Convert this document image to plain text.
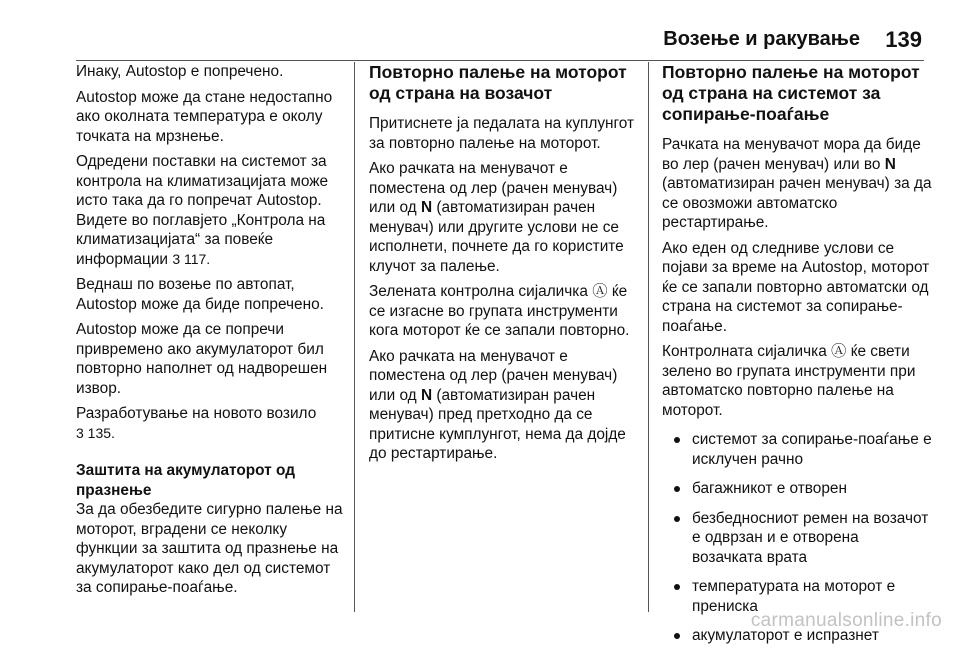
Возење и ракување 139

Инаку, Autostop е попречено.

Autostop може да стане недостапно ако околната температура е околу точката на мрзнење.

Одредени поставки на системот за контрола на климатизацијата може исто така да го попречат Autostop. Видете во поглавјето „Контрола на климатизацијата“ за повеќе информации 3 117.

Веднаш по возење по автопат, Autostop може да биде попречено.

Autostop може да се попречи привремено ако акумулаторот бил повторно наполнет од надворешен извор.

Разработување на новото возило
3 135.

Заштита на акумулаторот од празнење

За да обезбедите сигурно палење на моторот, вградени се неколку функции за заштита од празнење на акумулаторот како дел од системот за сопирање-поаѓање.

Повторно палење на моторот од страна на возачот

Притиснете ја педалата на куплунгот за повторно палење на моторот.

Ако рачката на менувачот е поместена од лер (рачен менувач) или од N (автоматизиран рачен менувач) или другите услови не се исполнети, почнете да го користите клучот за палење.

Зелената контролна сијаличка Ⓐ ќе се изгасне во групата инструменти кога моторот ќе се запали повторно.

Ако рачката на менувачот е поместена од лер (рачен менувач) или од N (автоматизиран рачен менувач) пред претходно да се притисне кумплунгот, нема да дојде до рестартирање.

Повторно палење на моторот од страна на системот за сопирање-поаѓање

Рачката на менувачот мора да биде во лер (рачен менувач) или во N (автоматизиран рачен менувач) за да се овозможи автоматско рестартирање.

Ако еден од следниве услови се појави за време на Autostop, моторот ќе се запали повторно автоматски од страна на системот за сопирање-поаѓање.

Контролната сијаличка Ⓐ ќе свети зелено во групата инструменти при автоматско повторно палење на моторот.

системот за сопирање-поаѓање е исклучен рачно
багажникот е отворен
безбедносниот ремен на возачот е одврзан и е отворена возачката врата
температурата на моторот е прениска
акумулаторот е испразнет
carmanualsonline.info
